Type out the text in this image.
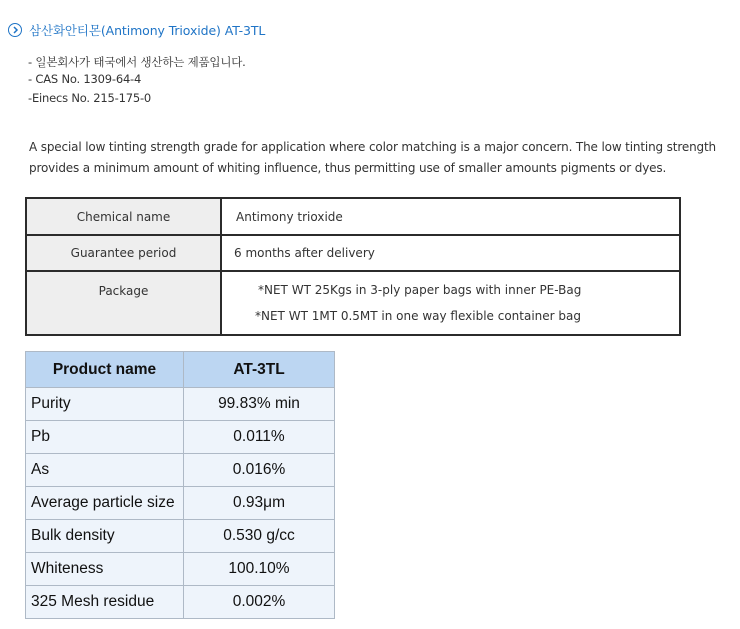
삼산화안티몬(Antimony Trioxide) AT-3TL
- 일본회사가 태국에서 생산하는 제품입니다.
- CAS No. 1309-64-4
-Einecs No. 215-175-0
A special low tinting strength grade for application where color matching is a major concern. The low tinting strength
provides a minimum amount of whiting influence, thus permitting use of smaller amounts pigments or dyes.
Chemical name	Antimony trioxide
Guarantee period	6 months after delivery
Package	*NET WT 25Kgs in 3-ply paper bags with inner PE-Bag
*NET WT 1MT 0.5MT in one way flexible container bag
Product name	AT-3TL
Purity	99.83% min
Pb	0.011%
As	0.016%
Average particle size	0.93μm
Bulk density	0.530 g/cc
Whiteness	100.10%
325 Mesh residue	0.002%
